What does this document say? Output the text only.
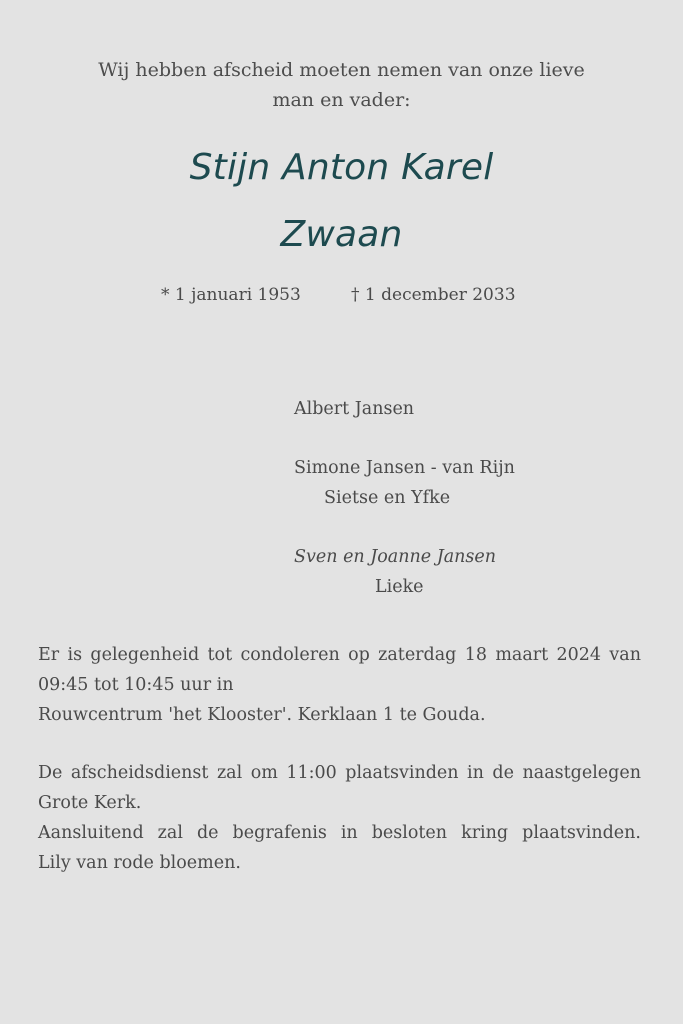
Wij hebben afscheid moeten nemen van onze lieve
man en vader:
Stijn Anton Karel
Zwaan
* 1 januari 1953	† 1 december 2033
Albert Jansen
Simone Jansen - van Rijn
Sietse en Yfke
Sven en Joanne Jansen
Lieke
Er is gelegenheid tot condoleren op zaterdag 18 maart 2024 van
09:45 tot 10:45 uur in
Rouwcentrum 'het Klooster'. Kerklaan 1 te Gouda.
De afscheidsdienst zal om 11:00 plaatsvinden in de naastgelegen
Grote Kerk.
Aansluitend zal de begrafenis in besloten kring plaatsvinden.
Lily van rode bloemen.
